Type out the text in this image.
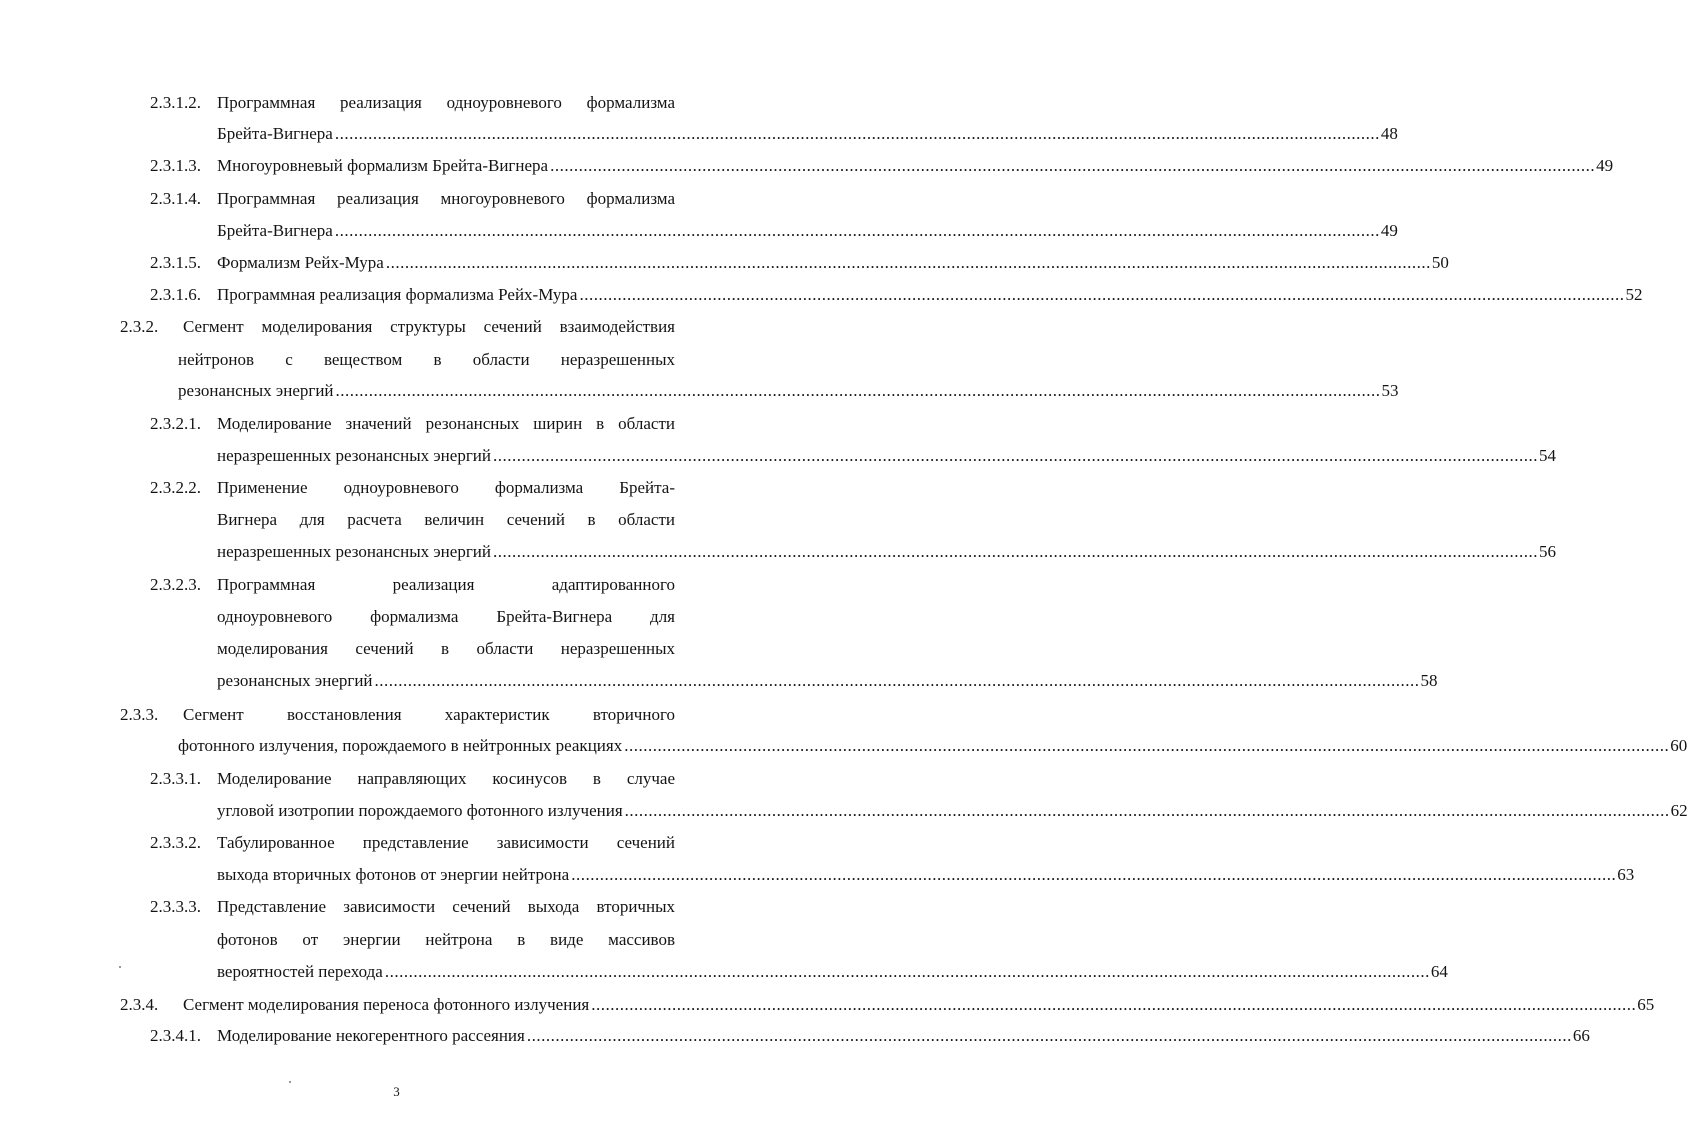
2.3.1.2. Программная реализация одноуровневого формализма
Брейта-Вигнера ............................................................................................................................................................................................................................ 48
2.3.1.3. Многоуровневый формализм Брейта-Вигнера ............................................................................................................................................................................................................................ 49
2.3.1.4. Программная реализация многоуровневого формализма
Брейта-Вигнера ............................................................................................................................................................................................................................ 49
2.3.1.5. Формализм Рейх-Мура ............................................................................................................................................................................................................................ 50
2.3.1.6. Программная реализация формализма Рейх-Мура ............................................................................................................................................................................................................................ 52
2.3.2. Сегмент моделирования структуры сечений взаимодействия
нейтронов с веществом в области неразрешенных
резонансных энергий ............................................................................................................................................................................................................................ 53
2.3.2.1. Моделирование значений резонансных ширин в области
неразрешенных резонансных энергий ............................................................................................................................................................................................................................ 54
2.3.2.2. Применение одноуровневого формализма Брейта-
Вигнера для расчета величин сечений в области
неразрешенных резонансных энергий ............................................................................................................................................................................................................................ 56
2.3.2.3. Программная реализация адаптированного
одноуровневого формализма Брейта-Вигнера для
моделирования сечений в области неразрешенных
резонансных энергий ............................................................................................................................................................................................................................ 58
2.3.3. Сегмент восстановления характеристик вторичного
фотонного излучения, порождаемого в нейтронных реакциях ............................................................................................................................................................................................................................ 60
2.3.3.1. Моделирование направляющих косинусов в случае
угловой изотропии порождаемого фотонного излучения ............................................................................................................................................................................................................................ 62
2.3.3.2. Табулированное представление зависимости сечений
выхода вторичных фотонов от энергии нейтрона ............................................................................................................................................................................................................................ 63
2.3.3.3. Представление зависимости сечений выхода вторичных
фотонов от энергии нейтрона в виде массивов
вероятностей перехода ............................................................................................................................................................................................................................ 64
2.3.4. Сегмент моделирования переноса фотонного излучения ............................................................................................................................................................................................................................ 65
2.3.4.1. Моделирование некогерентного рассеяния ............................................................................................................................................................................................................................ 66
3
